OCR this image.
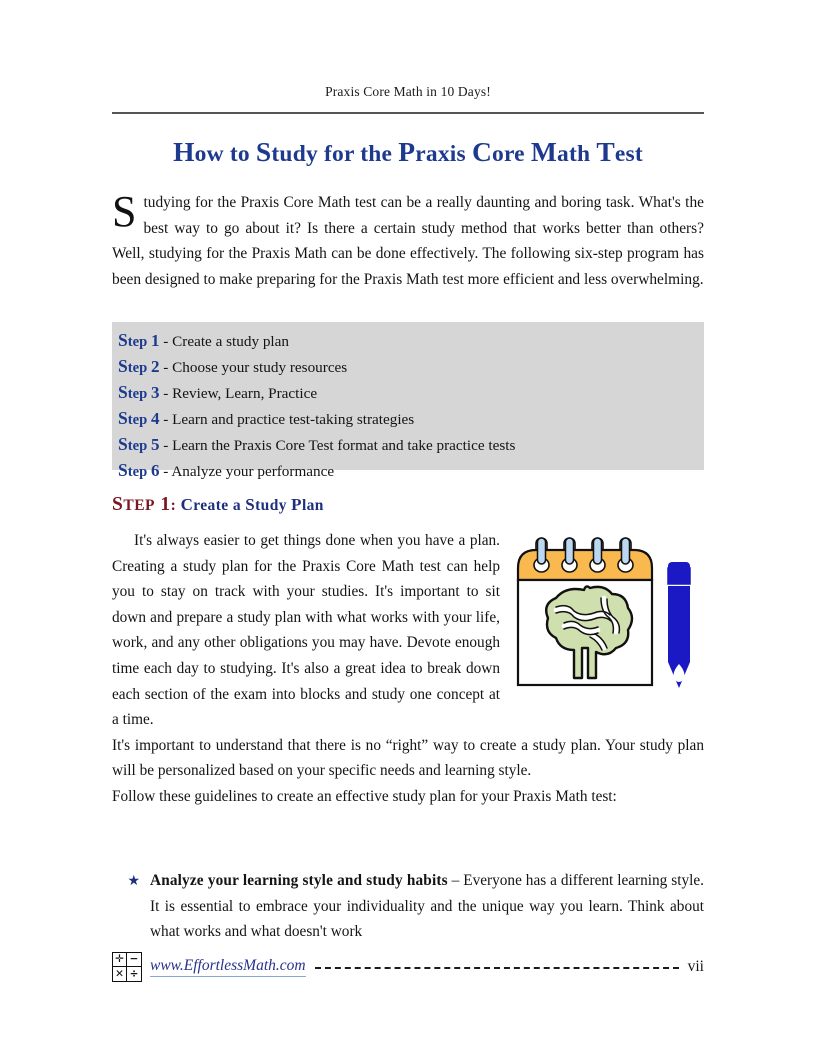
Praxis Core Math in 10 Days!
How to Study for the Praxis Core Math Test
Studying for the Praxis Core Math test can be a really daunting and boring task. What's the best way to go about it? Is there a certain study method that works better than others? Well, studying for the Praxis Math can be done effectively. The following six-step program has been designed to make preparing for the Praxis Math test more efficient and less overwhelming.
Step 1 - Create a study plan
Step 2 - Choose your study resources
Step 3 - Review, Learn, Practice
Step 4 - Learn and practice test-taking strategies
Step 5 - Learn the Praxis Core Test format and take practice tests
Step 6 - Analyze your performance
STEP 1: Create a Study Plan

It's always easier to get things done when you have a plan. Creating a study plan for the Praxis Core Math test can help you to stay on track with your studies. It's important to sit down and prepare a study plan with what works with your life, work, and any other obligations you may have. Devote enough time each day to studying. It's also a great idea to break down each section of the exam into blocks and study one concept at a time.

It's important to understand that there is no “right” way to create a study plan. Your study plan will be personalized based on your specific needs and learning style.

Follow these guidelines to create an effective study plan for your Praxis Math test:

★ Analyze your learning style and study habits – Everyone has a different learning style. It is essential to embrace your individuality and the unique way you learn. Think about what works and what doesn't work
✛ −
✕ ÷ www.EffortlessMath.com	vii
